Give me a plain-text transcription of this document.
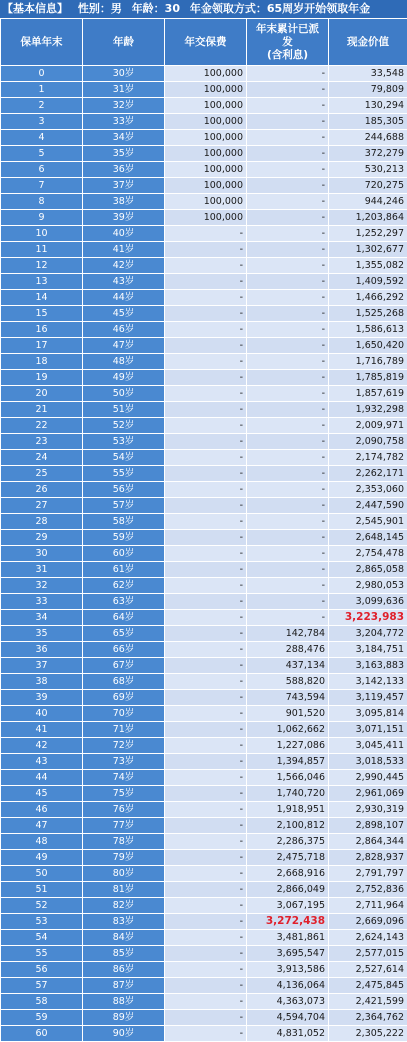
【基本信息】 性别：男 年龄：30 年金领取方式：65周岁开始领取年金
保单年末	年龄	年交保费	年末累计已派
发
(含利息)	现金价值
0	30岁	100,000	-	33,548
1	31岁	100,000	-	79,809
2	32岁	100,000	-	130,294
3	33岁	100,000	-	185,305
4	34岁	100,000	-	244,688
5	35岁	100,000	-	372,279
6	36岁	100,000	-	530,213
7	37岁	100,000	-	720,275
8	38岁	100,000	-	944,246
9	39岁	100,000	-	1,203,864
10	40岁	-	-	1,252,297
11	41岁	-	-	1,302,677
12	42岁	-	-	1,355,082
13	43岁	-	-	1,409,592
14	44岁	-	-	1,466,292
15	45岁	-	-	1,525,268
16	46岁	-	-	1,586,613
17	47岁	-	-	1,650,420
18	48岁	-	-	1,716,789
19	49岁	-	-	1,785,819
20	50岁	-	-	1,857,619
21	51岁	-	-	1,932,298
22	52岁	-	-	2,009,971
23	53岁	-	-	2,090,758
24	54岁	-	-	2,174,782
25	55岁	-	-	2,262,171
26	56岁	-	-	2,353,060
27	57岁	-	-	2,447,590
28	58岁	-	-	2,545,901
29	59岁	-	-	2,648,145
30	60岁	-	-	2,754,478
31	61岁	-	-	2,865,058
32	62岁	-	-	2,980,053
33	63岁	-	-	3,099,636
34	64岁	-	-	3,223,983
35	65岁	-	142,784	3,204,772
36	66岁	-	288,476	3,184,751
37	67岁	-	437,134	3,163,883
38	68岁	-	588,820	3,142,133
39	69岁	-	743,594	3,119,457
40	70岁	-	901,520	3,095,814
41	71岁	-	1,062,662	3,071,151
42	72岁	-	1,227,086	3,045,411
43	73岁	-	1,394,857	3,018,533
44	74岁	-	1,566,046	2,990,445
45	75岁	-	1,740,720	2,961,069
46	76岁	-	1,918,951	2,930,319
47	77岁	-	2,100,812	2,898,107
48	78岁	-	2,286,375	2,864,344
49	79岁	-	2,475,718	2,828,937
50	80岁	-	2,668,916	2,791,797
51	81岁	-	2,866,049	2,752,836
52	82岁	-	3,067,195	2,711,964
53	83岁	-	3,272,438	2,669,096
54	84岁	-	3,481,861	2,624,143
55	85岁	-	3,695,547	2,577,015
56	86岁	-	3,913,586	2,527,614
57	87岁	-	4,136,064	2,475,845
58	88岁	-	4,363,073	2,421,599
59	89岁	-	4,594,704	2,364,762
60	90岁	-	4,831,052	2,305,222
